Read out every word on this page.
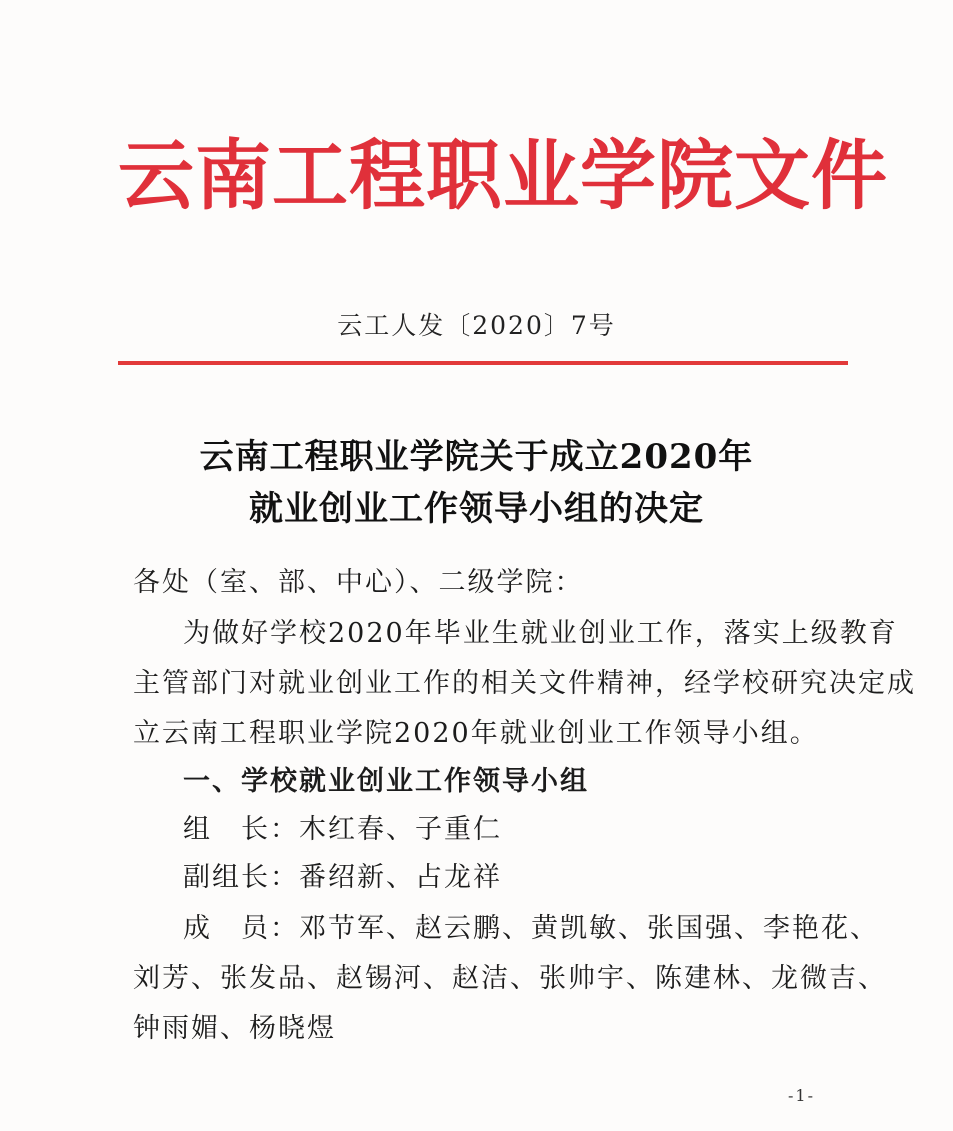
云南工程职业学院文件
云工人发〔2020〕7号
云南工程职业学院关于成立2020年
就业创业工作领导小组的决定
各处（室、部、中心）、二级学院：
为做好学校2020年毕业生就业创业工作，落实上级教育
主管部门对就业创业工作的相关文件精神，经学校研究决定成
立云南工程职业学院2020年就业创业工作领导小组。
一、学校就业创业工作领导小组
组　长：木红春、子重仁
副组长：番绍新、占龙祥
成　员：邓节军、赵云鹏、黄凯敏、张国强、李艳花、
刘芳、张发品、赵锡河、赵洁、张帅宇、陈建林、龙微吉、
钟雨媚、杨晓煜
-1-
